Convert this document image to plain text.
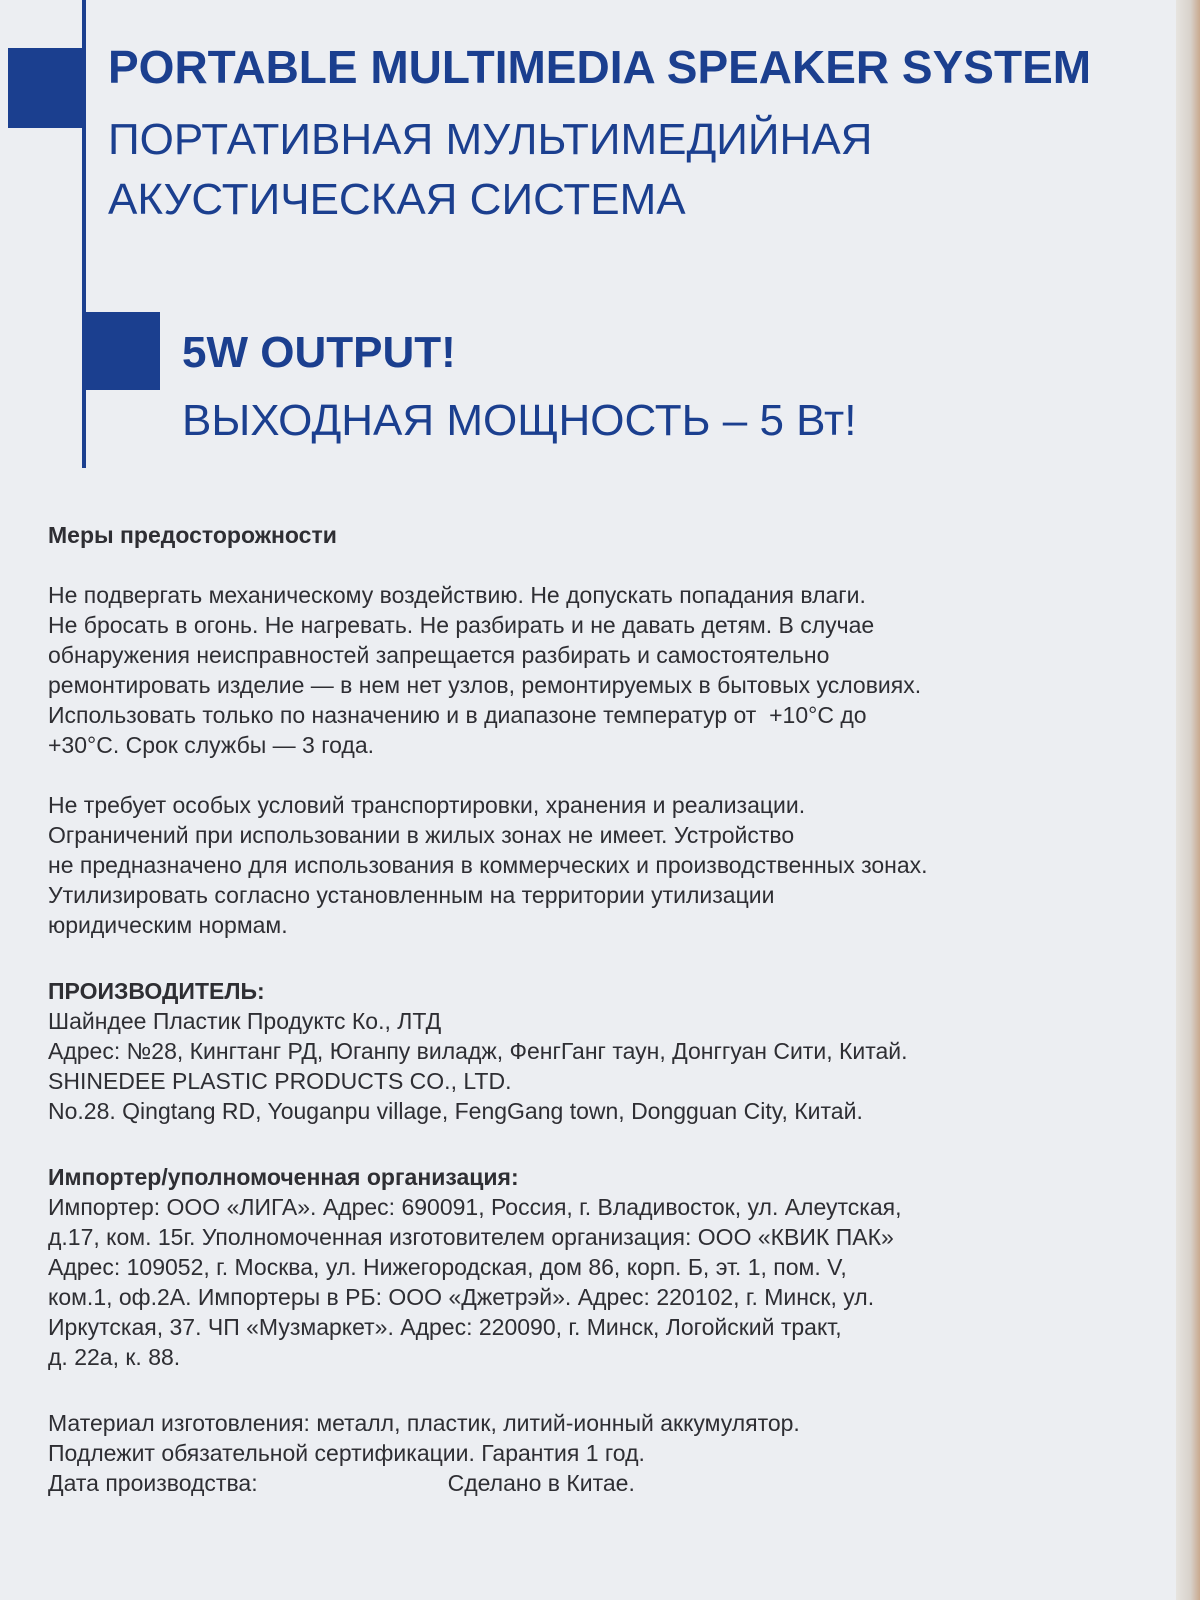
PORTABLE MULTIMEDIA SPEAKER SYSTEM
ПОРТАТИВНАЯ МУЛЬТИМЕДИЙНАЯ
АКУСТИЧЕСКАЯ СИСТЕМА
5W OUTPUT!
ВЫХОДНАЯ МОЩНОСТЬ – 5 Вт!

Меры предосторожности

Не подвергать механическому воздействию. Не допускать попадания влаги.
Не бросать в огонь. Не нагревать. Не разбирать и не давать детям. В случае
обнаружения неисправностей запрещается разбирать и самостоятельно
ремонтировать изделие — в нем нет узлов, ремонтируемых в бытовых условиях.
Использовать только по назначению и в диапазоне температур от  +10°С до
+30°С. Срок службы — 3 года.

Не требует особых условий транспортировки, хранения и реализации.
Ограничений при использовании в жилых зонах не имеет. Устройство
не предназначено для использования в коммерческих и производственных зонах.
Утилизировать согласно установленным на территории утилизации
юридическим нормам.

ПРОИЗВОДИТЕЛЬ:

Шайндее Пластик Продуктс Ко., ЛТД
Адрес: №28, Кингтанг РД, Юганпу виладж, ФенгГанг таун, Донггуан Сити, Китай.
SHINEDEE PLASTIC PRODUCTS CO., LTD.
No.28. Qingtang RD, Youganpu village, FengGang town, Dongguan City, Китай.

Импортер/уполномоченная организация:

Импортер: ООО «ЛИГА». Адрес: 690091, Россия, г. Владивосток, ул. Алеутская,
д.17, ком. 15г. Уполномоченная изготовителем организация: ООО «КВИК ПАК»
Адрес: 109052, г. Москва, ул. Нижегородская, дом 86, корп. Б, эт. 1, пом. V,
ком.1, оф.2А. Импортеры в РБ: ООО «Джетрэй». Адрес: 220102, г. Минск, ул.
Иркутская, 37. ЧП «Музмаркет». Адрес: 220090, г. Минск, Логойский тракт,
д. 22а, к. 88.

Материал изготовления: металл, пластик, литий-ионный аккумулятор.
Подлежит обязательной сертификации. Гарантия 1 год.
Дата производства:	Сделано в Китае.
